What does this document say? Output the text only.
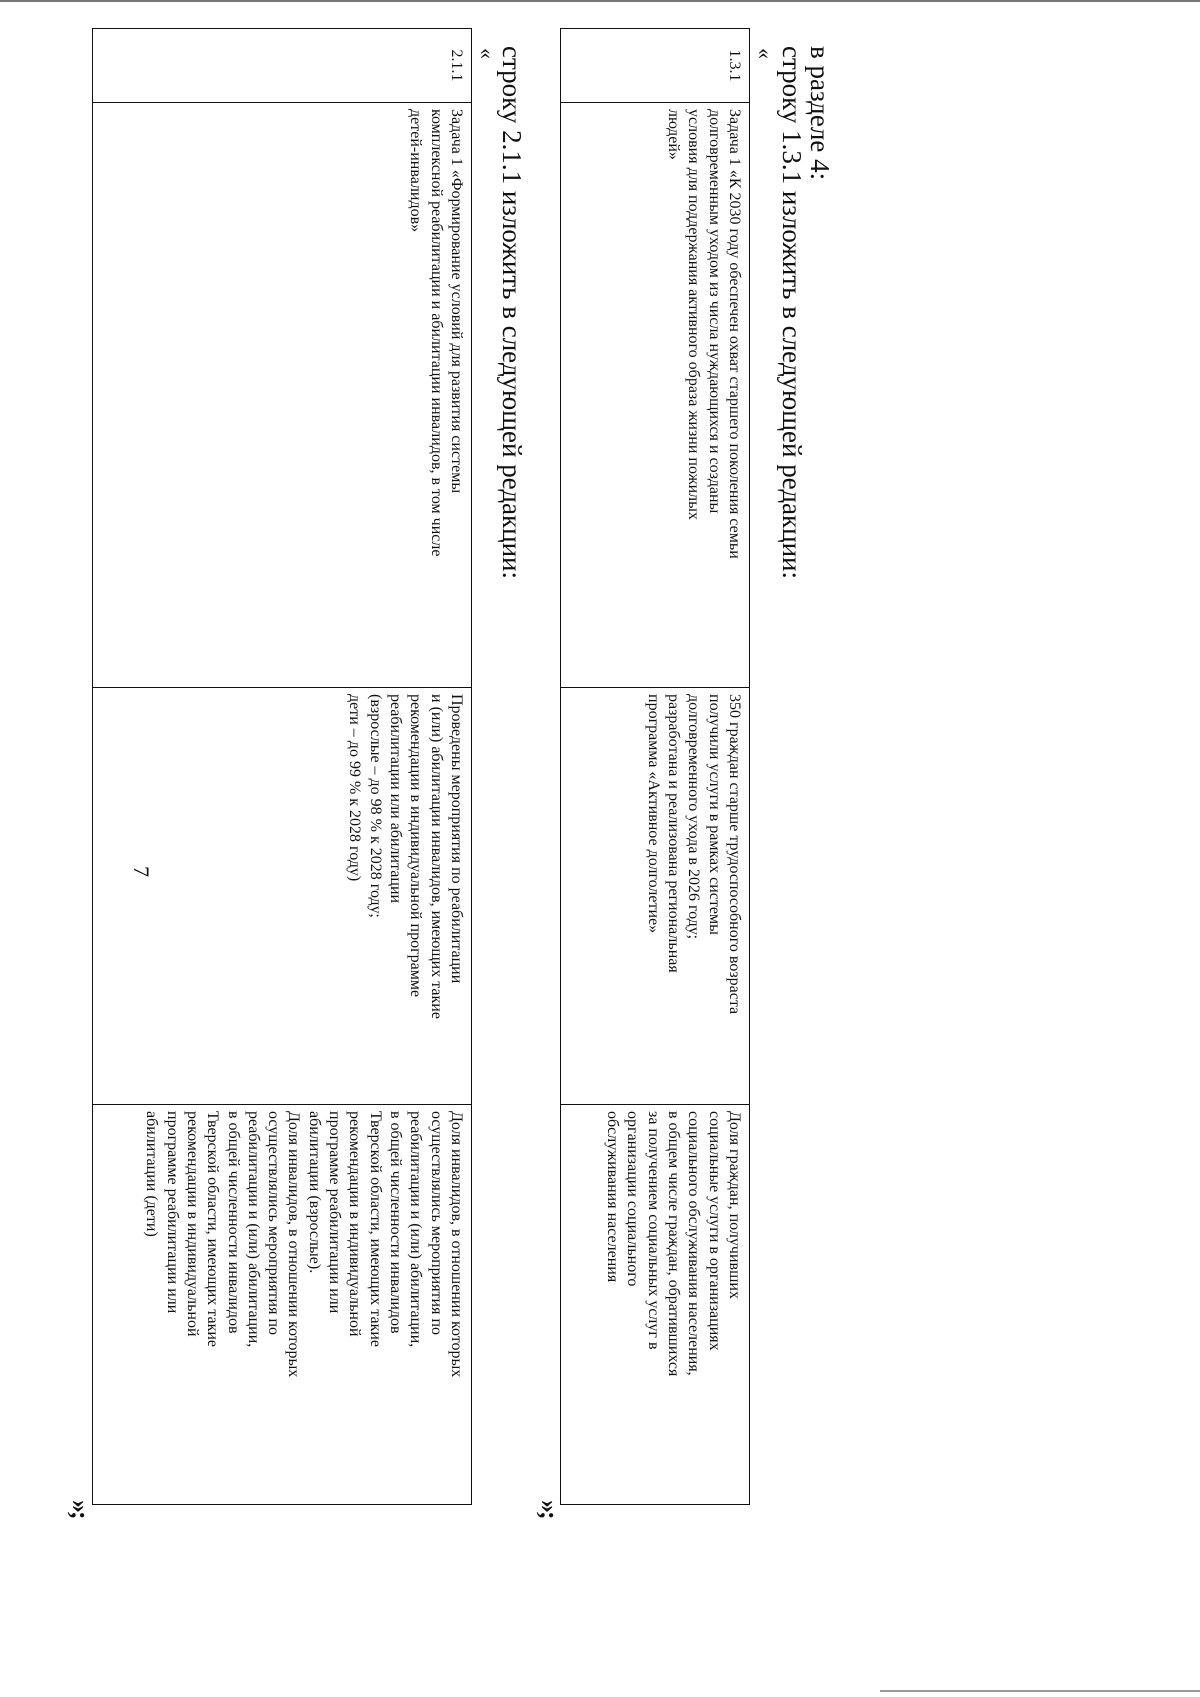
7
в разделе 4:
строку 1.3.1 изложить в следующей редакции:
«
1.3.1	
Задача 1 «К 2030 году обеспечен охват старшего поколения семьи
долговременным уходом из числа нуждающихся и созданы
условия для поддержания активного образа жизни пожилых
людей»

350 граждан старше трудоспособного возраста
получили услуги в рамках системы
долговременного ухода в 2026 году;
разработана и реализована региональная
программа «Активное долголетие»

Доля граждан, получивших
социальные услуги в организациях
социального обслуживания населения,
в общем числе граждан, обратившихся
за получением социальных услуг в
организации социального
обслуживания населения
»;
строку 2.1.1 изложить в следующей редакции:
«
2.1.1	
Задача 1 «Формирование условий для развития системы
комплексной реабилитации и абилитации инвалидов, в том числе
детей-инвалидов»

Проведены мероприятия по реабилитации
и (или) абилитации инвалидов, имеющих такие
рекомендации в индивидуальной программе
реабилитации или абилитации
(взрослые – до 98 % к 2028 году;
дети – до 99 % к 2028 году)

Доля инвалидов, в отношении которых
осуществлялись мероприятия по
реабилитации и (или) абилитации,
в общей численности инвалидов
Тверской области, имеющих такие
рекомендации в индивидуальной
программе реабилитации или
абилитации (взрослые).
Доля инвалидов, в отношении которых
осуществлялись мероприятия по
реабилитации и (или) абилитации,
в общей численности инвалидов
Тверской области, имеющих такие
рекомендации в индивидуальной
программе реабилитации или
абилитации (дети)
»;
